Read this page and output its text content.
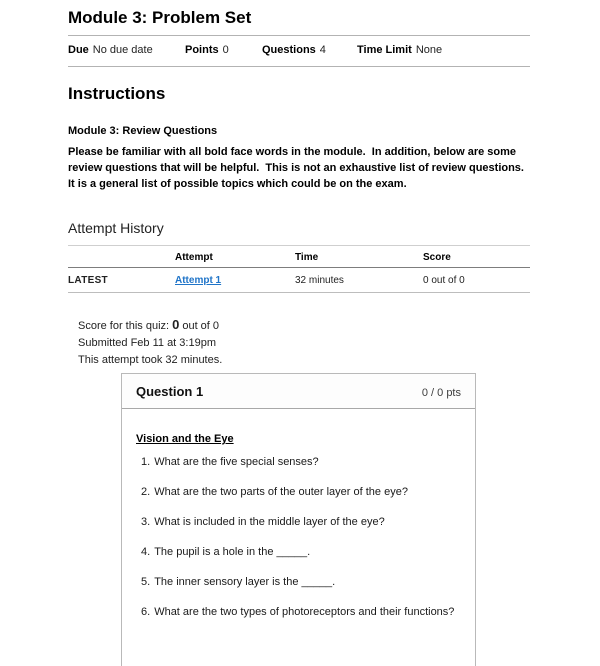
Module 3: Problem Set
Due No due date	Points 0	Questions 4	Time Limit None
Instructions
Module 3: Review Questions

Please be familiar with all bold face words in the module.  In addition, below are some review questions that will be helpful.  This is not an exhaustive list of review questions.  It is a general list of possible topics which could be on the exam.

Attempt History
	Attempt	Time	Score
LATEST	Attempt 1	32 minutes	0 out of 0
Score for this quiz: 0 out of 0
Submitted Feb 11 at 3:19pm
This attempt took 32 minutes.
Question 1	0 / 0 pts
Vision and the Eye
1. What are the five special senses?
2. What are the two parts of the outer layer of the eye?
3. What is included in the middle layer of the eye?
4. The pupil is a hole in the _____.
5. The inner sensory layer is the _____.
6. What are the two types of photoreceptors and their functions?
